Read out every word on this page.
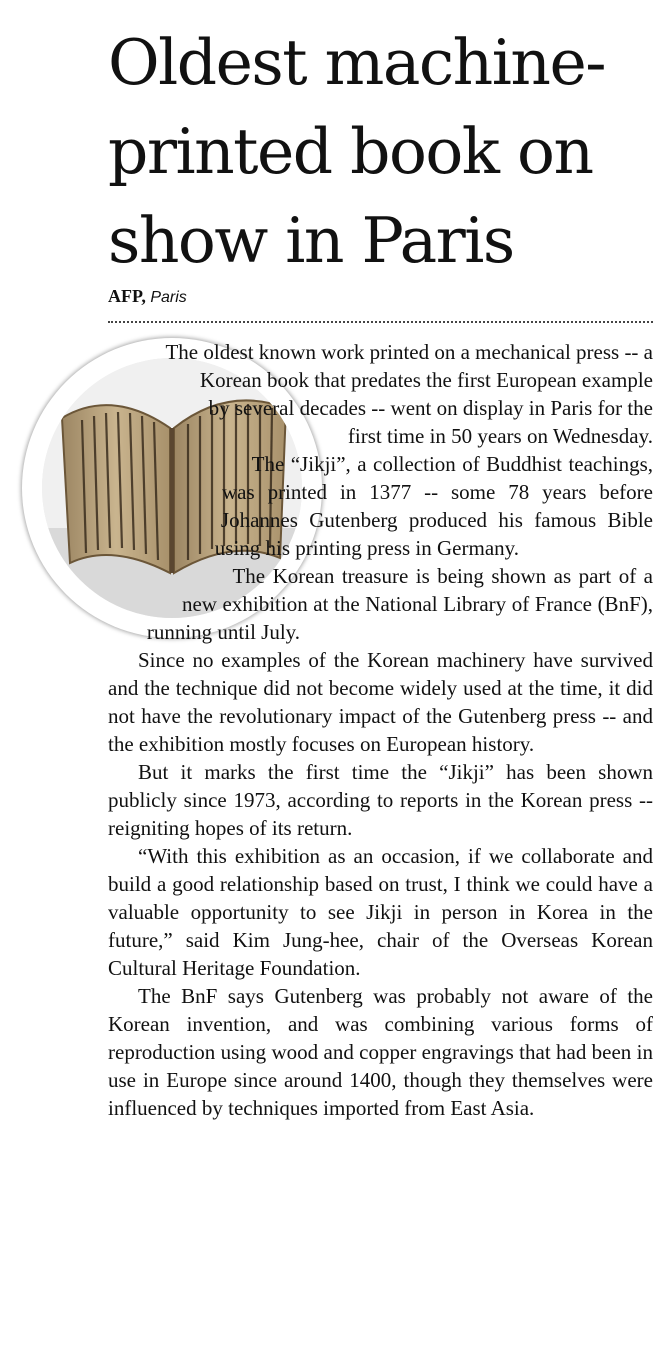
Oldest machine-printed book on show in Paris
AFP, Paris

The oldest known work printed on a mechanical press -- a Korean book that predates the first European example by several decades -- went on display in Paris for the first time in 50 years on Wednesday.

The “Jikji”, a collection of Buddhist teachings, was printed in 1377 -- some 78 years before Johannes Gutenberg produced his famous Bible using his printing press in Germany.

The Korean treasure is being shown as part of a new exhibition at the National Library of France (BnF), running until July.

Since no examples of the Korean machinery have survived and the technique did not become widely used at the time, it did not have the revolutionary impact of the Gutenberg press -- and the exhibition mostly focuses on European history.

But it marks the first time the “Jikji” has been shown publicly since 1973, according to reports in the Korean press -- reigniting hopes of its return.

“With this exhibition as an occasion, if we collaborate and build a good relationship based on trust, I think we could have a valuable opportunity to see Jikji in person in Korea in the future,” said Kim Jung-hee, chair of the Overseas Korean Cultural Heritage Foundation.

The BnF says Gutenberg was probably not aware of the Korean invention, and was combining various forms of reproduction using wood and copper engravings that had been in use in Europe since around 1400, though they themselves were influenced by techniques imported from East Asia.
